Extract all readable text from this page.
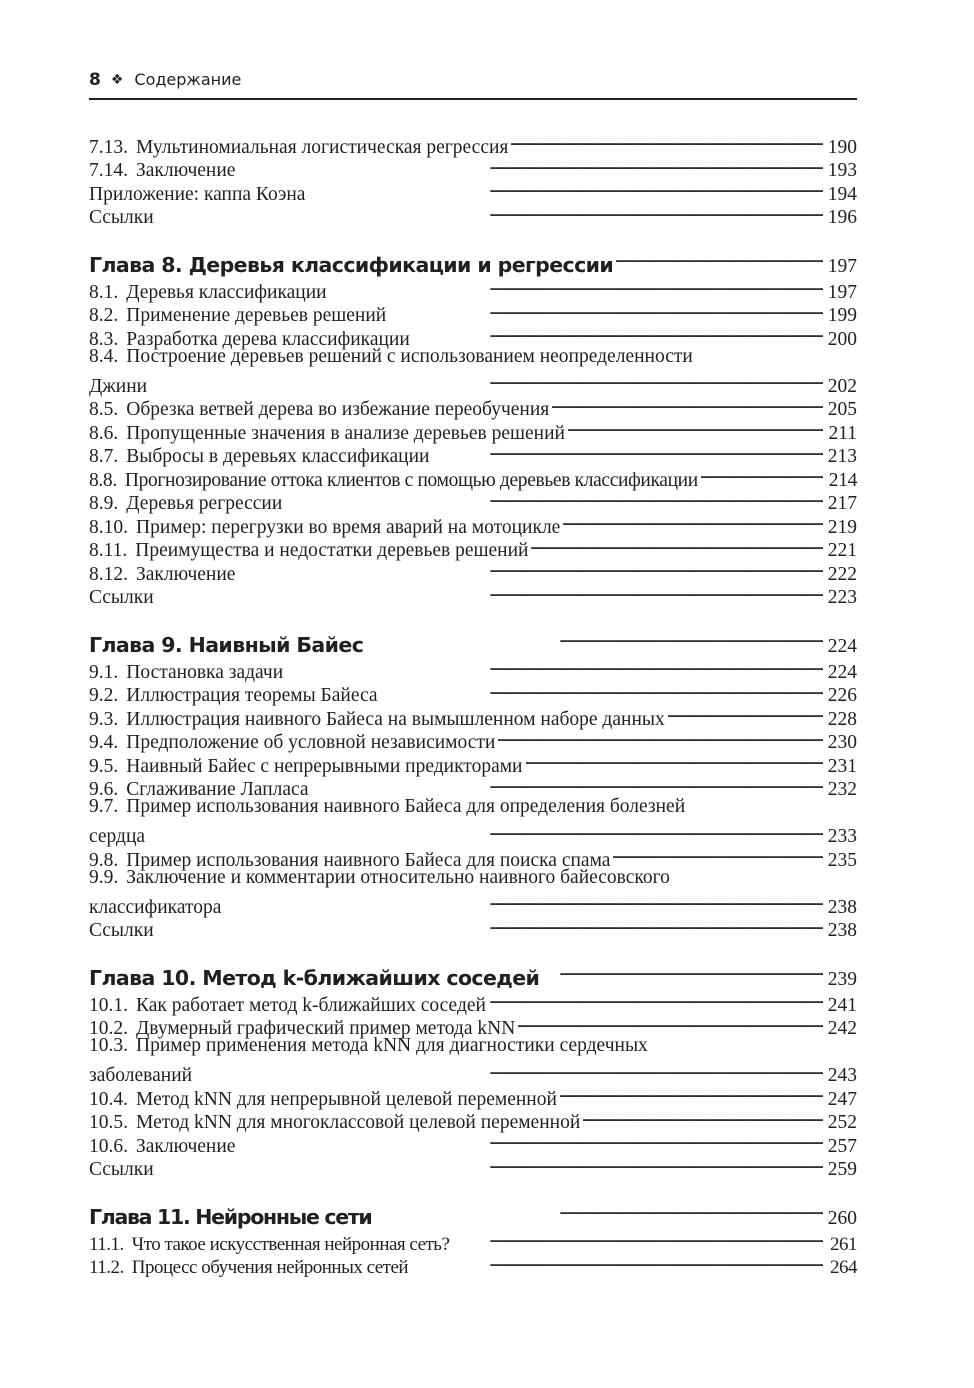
8 ❖ Содержание
7.13. Мультиномиальная логистическая регрессия . . .	190
7.14. Заключение . . .	193
Приложение: каппа Коэна . . .	194
Ссылки . . .	196
Глава 8. Деревья классификации и регрессии . . .	197
8.1. Деревья классификации . . .	197
8.2. Применение деревьев решений . . .	199
8.3. Разработка дерева классификации . . .	200
8.4. Построение деревьев решений с использованием неопределенности
Джини . . .	202
8.5. Обрезка ветвей дерева во избежание переобучения . . .	205
8.6. Пропущенные значения в анализе деревьев решений . . .	211
8.7. Выбросы в деревьях классификации . . .	213
8.8. Прогнозирование оттока клиентов с помощью деревьев классификации . . .	214
8.9. Деревья регрессии . . .	217
8.10. Пример: перегрузки во время аварий на мотоцикле . . .	219
8.11. Преимущества и недостатки деревьев решений . . .	221
8.12. Заключение . . .	222
Ссылки . . .	223
Глава 9. Наивный Байес . . .	224
9.1. Постановка задачи . . .	224
9.2. Иллюстрация теоремы Байеса . . .	226
9.3. Иллюстрация наивного Байеса на вымышленном наборе данных . . .	228
9.4. Предположение об условной независимости . . .	230
9.5. Наивный Байес с непрерывными предикторами . . .	231
9.6. Сглаживание Лапласа . . .	232
9.7. Пример использования наивного Байеса для определения болезней
сердца . . .	233
9.8. Пример использования наивного Байеса для поиска спама . . .	235
9.9. Заключение и комментарии относительно наивного байесовского
классификатора . . .	238
Ссылки . . .	238
Глава 10. Метод k-ближайших соседей . . .	239
10.1. Как работает метод k-ближайших соседей . . .	241
10.2. Двумерный графический пример метода kNN . . .	242
10.3. Пример применения метода kNN для диагностики сердечных
заболеваний . . .	243
10.4. Метод kNN для непрерывной целевой переменной . . .	247
10.5. Метод kNN для многоклассовой целевой переменной . . .	252
10.6. Заключение . . .	257
Ссылки . . .	259
Глава 11. Нейронные сети . . .	260
11.1. Что такое искусственная нейронная сеть? . . .	261
11.2. Процесс обучения нейронных сетей . . .	264
